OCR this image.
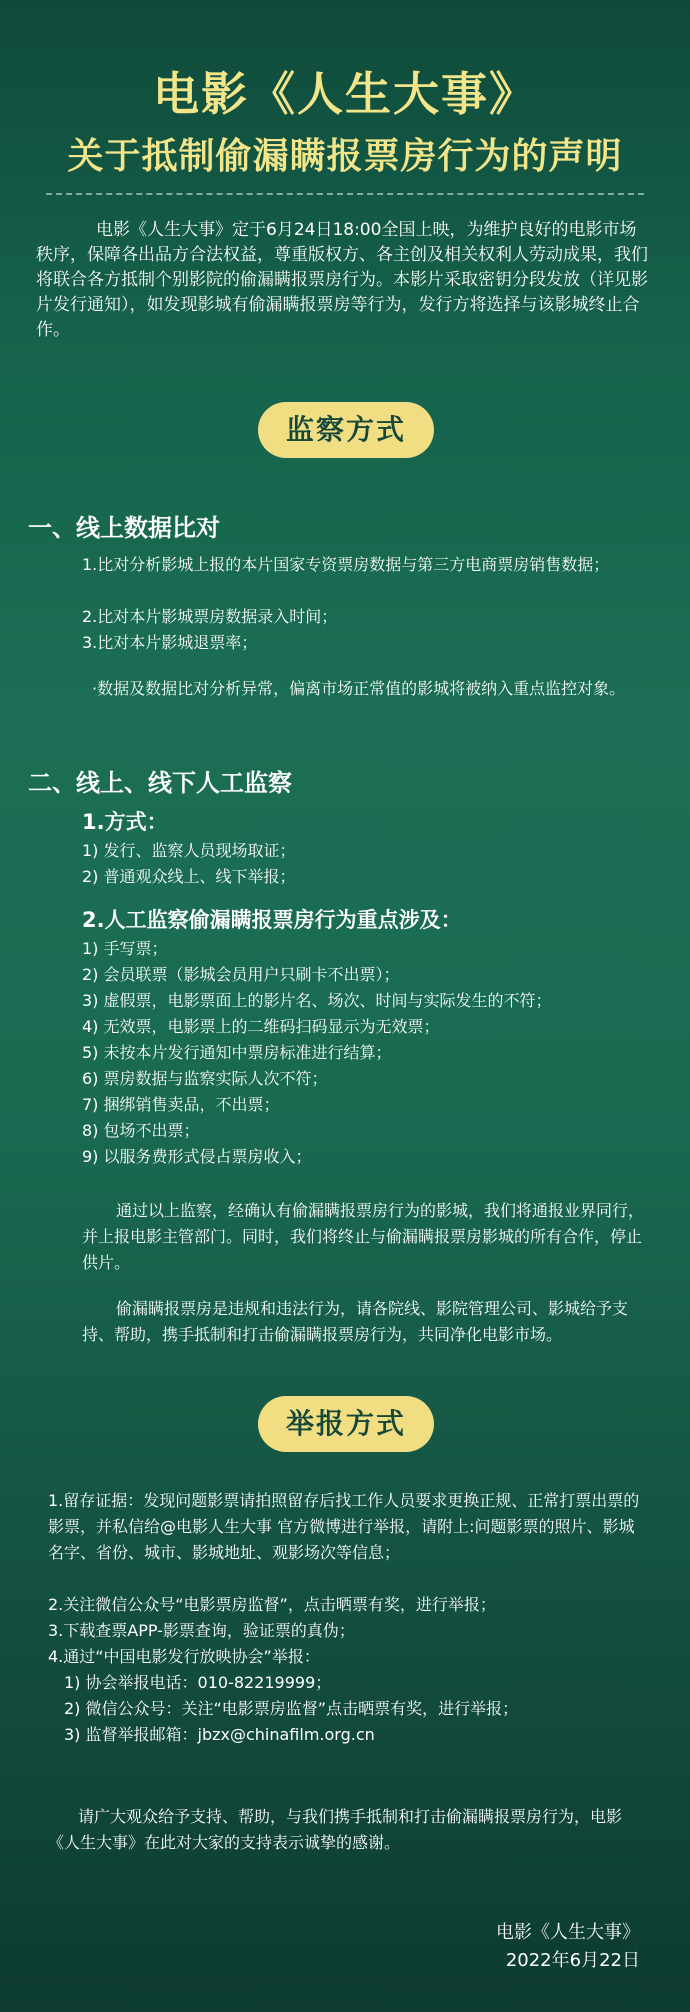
电影《人生大事》
关于抵制偷漏瞒报票房行为的声明
电影《人生大事》定于6月24日18:00全国上映，为维护良好的电影市场秩序，保障各出品方合法权益，尊重版权方、各主创及相关权利人劳动成果，我们将联合各方抵制个别影院的偷漏瞒报票房行为。本影片采取密钥分段发放（详见影片发行通知），如发现影城有偷漏瞒报票房等行为，发行方将选择与该影城终止合作。
监察方式
一、线上数据比对
1.比对分析影城上报的本片国家专资票房数据与第三方电商票房销售数据；
2.比对本片影城票房数据录入时间；
3.比对本片影城退票率；
·数据及数据比对分析异常，偏离市场正常值的影城将被纳入重点监控对象。
二、线上、线下人工监察
1.方式：
1) 发行、监察人员现场取证；
2) 普通观众线上、线下举报；
2.人工监察偷漏瞒报票房行为重点涉及：
1) 手写票；
2) 会员联票（影城会员用户只刷卡不出票）；
3) 虚假票，电影票面上的影片名、场次、时间与实际发生的不符；
4) 无效票，电影票上的二维码扫码显示为无效票；
5) 未按本片发行通知中票房标准进行结算；
6) 票房数据与监察实际人次不符；
7) 捆绑销售卖品，不出票；
8) 包场不出票；
9) 以服务费形式侵占票房收入；
通过以上监察，经确认有偷漏瞒报票房行为的影城，我们将通报业界同行，并上报电影主管部门。同时，我们将终止与偷漏瞒报票房影城的所有合作，停止供片。
偷漏瞒报票房是违规和违法行为，请各院线、影院管理公司、影城给予支持、帮助，携手抵制和打击偷漏瞒报票房行为，共同净化电影市场。
举报方式
1.留存证据：发现问题影票请拍照留存后找工作人员要求更换正规、正常打票出票的影票，并私信给@电影人生大事 官方微博进行举报，请附上:问题影票的照片、影城名字、省份、城市、影城地址、观影场次等信息；
2.关注微信公众号“电影票房监督”，点击晒票有奖，进行举报；
3.下载查票APP-影票查询，验证票的真伪；
4.通过“中国电影发行放映协会”举报：
1) 协会举报电话：010-82219999；
2) 微信公众号：关注“电影票房监督”点击晒票有奖，进行举报；
3) 监督举报邮箱：jbzx@chinafilm.org.cn
请广大观众给予支持、帮助，与我们携手抵制和打击偷漏瞒报票房行为，电影《人生大事》在此对大家的支持表示诚挚的感谢。
电影《人生大事》
2022年6月22日
